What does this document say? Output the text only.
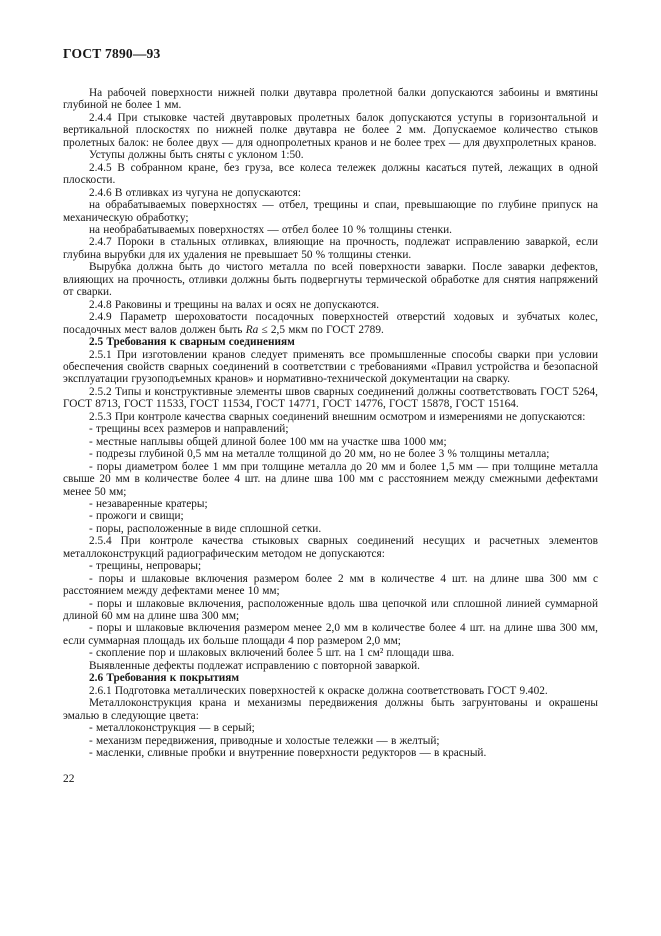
ГОСТ 7890—93

На рабочей поверхности нижней полки двутавра пролетной балки допускаются забоины и вмятины глубиной не более 1 мм.

2.4.4 При стыковке частей двутавровых пролетных балок допускаются уступы в горизонтальной и вертикальной плоскостях по нижней полке двутавра не более 2 мм. Допускаемое количество стыков пролетных балок: не более двух — для однопролетных кранов и не более трех — для двухпролетных кранов.

Уступы должны быть сняты с уклоном 1:50.

2.4.5 В собранном кране, без груза, все колеса тележек должны касаться путей, лежащих в одной плоскости.

2.4.6 В отливках из чугуна не допускаются:

на обрабатываемых поверхностях — отбел, трещины и спаи, превышающие по глубине припуск на механическую обработку;

на необрабатываемых поверхностях — отбел более 10 % толщины стенки.

2.4.7 Пороки в стальных отливках, влияющие на прочность, подлежат исправлению заваркой, если глубина вырубки для их удаления не превышает 50 % толщины стенки.

Вырубка должна быть до чистого металла по всей поверхности заварки. После заварки дефектов, влияющих на прочность, отливки должны быть подвергнуты термической обработке для снятия напряжений от сварки.

2.4.8 Раковины и трещины на валах и осях не допускаются.

2.4.9 Параметр шероховатости посадочных поверхностей отверстий ходовых и зубчатых колес, посадочных мест валов должен быть Ra ≤ 2,5 мкм по ГОСТ 2789.

2.5 Требования к сварным соединениям

2.5.1 При изготовлении кранов следует применять все промышленные способы сварки при условии обеспечения свойств сварных соединений в соответствии с требованиями «Правил устройства и безопасной эксплуатации грузоподъемных кранов» и нормативно-технической документации на сварку.

2.5.2 Типы и конструктивные элементы швов сварных соединений должны соответствовать ГОСТ 5264, ГОСТ 8713, ГОСТ 11533, ГОСТ 11534, ГОСТ 14771, ГОСТ 14776, ГОСТ 15878, ГОСТ 15164.

2.5.3 При контроле качества сварных соединений внешним осмотром и измерениями не допускаются:

- трещины всех размеров и направлений;

- местные наплывы общей длиной более 100 мм на участке шва 1000 мм;

- подрезы глубиной 0,5 мм на металле толщиной до 20 мм, но не более 3 % толщины металла;

- поры диаметром более 1 мм при толщине металла до 20 мм и более 1,5 мм — при толщине металла свыше 20 мм в количестве более 4 шт. на длине шва 100 мм с расстоянием между смежными дефектами менее 50 мм;

- незаваренные кратеры;

- прожоги и свищи;

- поры, расположенные в виде сплошной сетки.

2.5.4 При контроле качества стыковых сварных соединений несущих и расчетных элементов металлоконструкций радиографическим методом не допускаются:

- трещины, непровары;

- поры и шлаковые включения размером более 2 мм в количестве 4 шт. на длине шва 300 мм с расстоянием между дефектами менее 10 мм;

- поры и шлаковые включения, расположенные вдоль шва цепочкой или сплошной линией суммарной длиной 60 мм на длине шва 300 мм;

- поры и шлаковые включения размером менее 2,0 мм в количестве более 4 шт. на длине шва 300 мм, если суммарная площадь их больше площади 4 пор размером 2,0 мм;

- скопление пор и шлаковых включений более 5 шт. на 1 см² площади шва.

Выявленные дефекты подлежат исправлению с повторной заваркой.

2.6 Требования к покрытиям

2.6.1 Подготовка металлических поверхностей к окраске должна соответствовать ГОСТ 9.402.

Металлоконструкция крана и механизмы передвижения должны быть загрунтованы и окрашены эмалью в следующие цвета:

- металлоконструкция — в серый;

- механизм передвижения, приводные и холостые тележки — в желтый;

- масленки, сливные пробки и внутренние поверхности редукторов — в красный.

22
